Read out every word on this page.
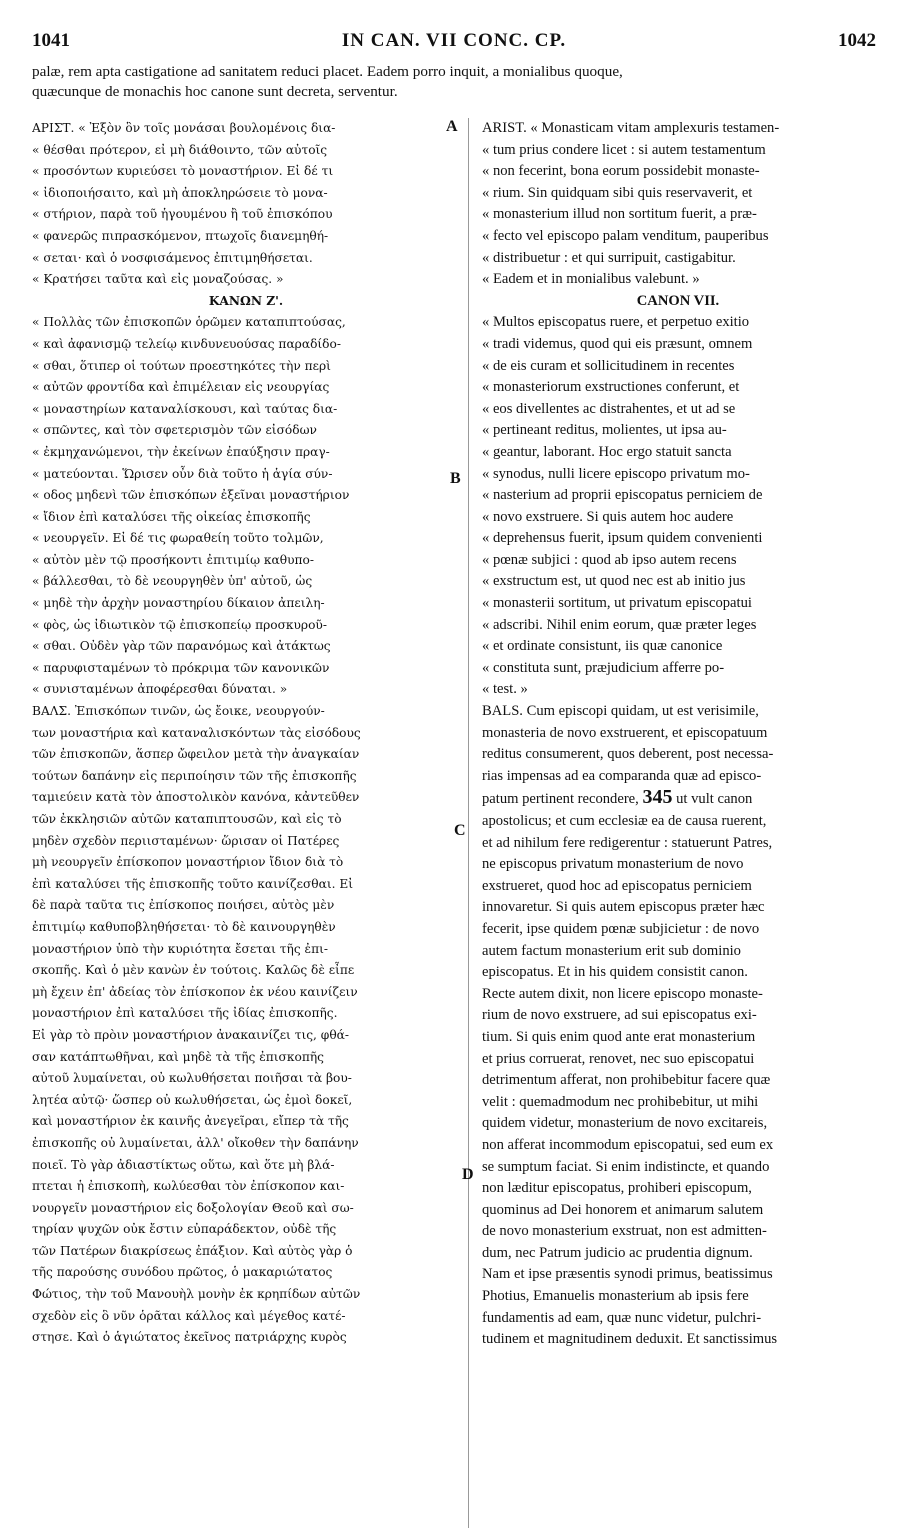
1041	IN CAN. VII CONC. CP.	1042
palæ, rem apta castigatione ad sanitatem reduci placet. Eadem porro inquit, a monialibus quoque,
quæcunque de monachis hoc canone sunt decreta, serventur.
ΑΡΙΣΤ. « Ἐξὸν ὃν τοῖς μονάσαι βουλομένοις δια-
« θέσθαι πρότερον, εἰ μὴ διάθοιντο, τῶν αὐτοῖς
« προσόντων κυριεύσει τὸ μοναστήριον. Εἰ δέ τι
« ἰδιοποιήσαιτο, καὶ μὴ ἀποκληρώσειε τὸ μονα-
« στήριον, παρὰ τοῦ ἡγουμένου ἢ τοῦ ἐπισκόπου
« φανερῶς πιπρασκόμενον, πτωχοῖς διανεμηθή-
« σεται· καὶ ὁ νοσφισάμενος ἐπιτιμηθήσεται.
« Κρατήσει ταῦτα καὶ εἰς μοναζούσας. »
ΚΑΝΩΝ Ζ'.
« Πολλὰς τῶν ἐπισκοπῶν ὁρῶμεν καταπιπτούσας,
« καὶ ἀφανισμῷ τελείῳ κινδυνευούσας παραδίδο-
« σθαι, ὅτιπερ οἱ τούτων προεστηκότες τὴν περὶ
« αὐτῶν φροντίδα καὶ ἐπιμέλειαν εἰς νεουργίας
« μοναστηρίων καταναλίσκουσι, καὶ ταύτας δια-
« σπῶντες, καὶ τὸν σφετερισμὸν τῶν εἰσόδων
« ἐκμηχανώμενοι, τὴν ἐκείνων ἐπαύξησιν πραγ-
« ματεύονται. Ὥρισεν οὖν διὰ τοῦτο ἡ ἁγία σύν-
« οδος μηδενὶ τῶν ἐπισκόπων ἐξεῖναι μοναστήριον
« ἴδιον ἐπὶ καταλύσει τῆς οἰκείας ἐπισκοπῆς
« νεουργεῖν. Εἰ δέ τις φωραθείη τοῦτο τολμῶν,
« αὐτὸν μὲν τῷ προσήκοντι ἐπιτιμίῳ καθυπο-
« βάλλεσθαι, τὸ δὲ νεουργηθὲν ὑπ' αὐτοῦ, ὡς
« μηδὲ τὴν ἀρχὴν μοναστηρίου δίκαιον ἀπειλη-
« φὸς, ὡς ἰδιωτικὸν τῷ ἐπισκοπείῳ προσκυροῦ-
« σθαι. Οὐδὲν γὰρ τῶν παρανόμως καὶ ἀτάκτως
« παρυφισταμένων τὸ πρόκριμα τῶν κανονικῶν
« συνισταμένων ἀποφέρεσθαι δύναται. »
ΒΑΛΣ. Ἐπισκόπων τινῶν, ὡς ἔοικε, νεουργούν-
των μοναστήρια καὶ καταναλισκόντων τὰς εἰσόδους
τῶν ἐπισκοπῶν, ἅσπερ ὤφειλον μετὰ τὴν ἀναγκαίαν
τούτων δαπάνην εἰς περιποίησιν τῶν τῆς ἐπισκοπῆς
ταμιεύειν κατὰ τὸν ἀποστολικὸν κανόνα, κἀντεῦθεν
τῶν ἐκκλησιῶν αὐτῶν καταπιπτουσῶν, καὶ εἰς τὸ
μηδὲν σχεδὸν περιισταμένων· ὥρισαν οἱ Πατέρες
μὴ νεουργεῖν ἐπίσκοπον μοναστήριον ἴδιον διὰ τὸ
ἐπὶ καταλύσει τῆς ἐπισκοπῆς τοῦτο καινίζεσθαι. Εἰ
δὲ παρὰ ταῦτα τις ἐπίσκοπος ποιήσει, αὐτὸς μὲν
ἐπιτιμίῳ καθυποβληθήσεται· τὸ δὲ καινουργηθὲν
μοναστήριον ὑπὸ τὴν κυριότητα ἔσεται τῆς ἐπι-
σκοπῆς. Καὶ ὁ μὲν κανὼν ἐν τούτοις. Καλῶς δὲ εἶπε
μὴ ἔχειν ἐπ' ἀδείας τὸν ἐπίσκοπον ἐκ νέου καινίζειν
μοναστήριον ἐπὶ καταλύσει τῆς ἰδίας ἐπισκοπῆς.
Εἰ γὰρ τὸ πρὸιν μοναστήριον ἀνακαινίζει τις, φθά-
σαν κατάπτωθῆναι, καὶ μηδὲ τὰ τῆς ἐπισκοπῆς
αὐτοῦ λυμαίνεται, οὐ κωλυθήσεται ποιῆσαι τὰ βου-
λητέα αὐτῷ· ὥσπερ οὐ κωλυθήσεται, ὡς ἐμοὶ δοκεῖ,
καὶ μοναστήριον ἐκ καινῆς ἀνεγεῖραι, εἴπερ τὰ τῆς
ἐπισκοπῆς οὐ λυμαίνεται, ἀλλ' οἴκοθεν τὴν δαπάνην
ποιεῖ. Τὸ γὰρ ἀδιαστίκτως οὕτω, καὶ ὅτε μὴ βλά-
πτεται ἡ ἐπισκοπὴ, κωλύεσθαι τὸν ἐπίσκοπον και-
νουργεῖν μοναστήριον εἰς δοξολογίαν Θεοῦ καὶ σω-
τηρίαν ψυχῶν οὐκ ἔστιν εὐπαράδεκτον, οὐδὲ τῆς
τῶν Πατέρων διακρίσεως ἐπάξιον. Καὶ αὐτὸς γὰρ ὁ
τῆς παρούσης συνόδου πρῶτος, ὁ μακαριώτατος
Φώτιος, τὴν τοῦ Μανουὴλ μονὴν ἐκ κρηπίδων αὐτῶν
σχεδὸν εἰς ὃ νῦν ὁρᾶται κάλλος καὶ μέγεθος κατέ-
στησε. Καὶ ὁ ἁγιώτατος ἐκεῖνος πατριάρχης κυρὸς
ARIST. « Monasticam vitam amplexuris testamen-
« tum prius condere licet : si autem testamentum
« non fecerint, bona eorum possidebit monaste-
« rium. Sin quidquam sibi quis reservaverit, et
« monasterium illud non sortitum fuerit, a præ-
« fecto vel episcopo palam venditum, pauperibus
« distribuetur : et qui surripuit, castigabitur.
« Eadem et in monialibus valebunt. »
CANON VII.
« Multos episcopatus ruere, et perpetuo exitio
« tradi videmus, quod qui eis præsunt, omnem
« de eis curam et sollicitudinem in recentes
« monasteriorum exstructiones conferunt, et
« eos divellentes ac distrahentes, et ut ad se
« pertineant reditus, molientes, ut ipsa au-
« geantur, laborant. Hoc ergo statuit sancta
« synodus, nulli licere episcopo privatum mo-
« nasterium ad proprii episcopatus perniciem de
« novo exstruere. Si quis autem hoc audere
« deprehensus fuerit, ipsum quidem convenienti
« pœnæ subjici : quod ab ipso autem recens
« exstructum est, ut quod nec est ab initio jus
« monasterii sortitum, ut privatum episcopatui
« adscribi. Nihil enim eorum, quæ præter leges
« et ordinate consistunt, iis quæ canonice
« constituta sunt, præjudicium afferre po-
« test. »
BALS. Cum episcopi quidam, ut est verisimile,
monasteria de novo exstruerent, et episcopatuum
reditus consumerent, quos deberent, post necessa-
rias impensas ad ea comparanda quæ ad episco-
patum pertinent recondere, 345 ut vult canon
apostolicus; et cum ecclesiæ ea de causa ruerent,
et ad nihilum fere redigerentur : statuerunt Patres,
ne episcopus privatum monasterium de novo
exstrueret, quod hoc ad episcopatus perniciem
innovaretur. Si quis autem episcopus præter hæc
fecerit, ipse quidem pœnæ subjicietur : de novo
autem factum monasterium erit sub dominio
episcopatus. Et in his quidem consistit canon.
Recte autem dixit, non licere episcopo monaste-
rium de novo exstruere, ad sui episcopatus exi-
tium. Si quis enim quod ante erat monasterium
et prius corruerat, renovet, nec suo episcopatui
detrimentum afferat, non prohibebitur facere quæ
velit : quemadmodum nec prohibebitur, ut mihi
quidem videtur, monasterium de novo excitareis,
non afferat incommodum episcopatui, sed eum ex
se sumptum faciat. Si enim indistincte, et quando
non læditur episcopatus, prohiberi episcopum,
quominus ad Dei honorem et animarum salutem
de novo monasterium exstruat, non est admitten-
dum, nec Patrum judicio ac prudentia dignum.
Nam et ipse præsentis synodi primus, beatissimus
Photius, Emanuelis monasterium ab ipsis fere
fundamentis ad eam, quæ nunc videtur, pulchri-
tudinem et magnitudinem deduxit. Et sanctissimus
A
B
C
D
